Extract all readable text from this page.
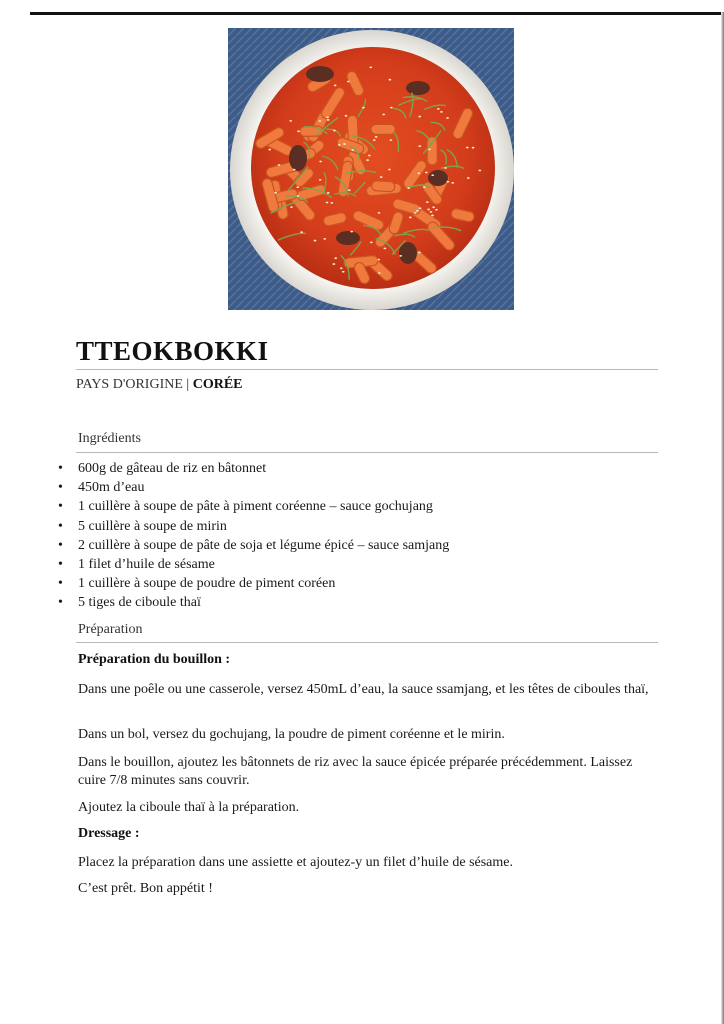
TTEOKBOKKI
PAYS D'ORIGINE | CORÉE
Ingrédients
• 600g de gâteau de riz en bâtonnet
• 450m d’eau
• 1 cuillère à soupe de pâte à piment coréenne – sauce gochujang
• 5 cuillère à soupe de mirin
• 2 cuillère à soupe de pâte de soja et légume épicé – sauce samjang
• 1 filet d’huile de sésame
• 1 cuillère à soupe de poudre de piment coréen
• 5 tiges de ciboule thaï
Préparation
Préparation du bouillon :
Dans une poêle ou une casserole, versez 450mL d’eau, la sauce ssamjang, et les têtes de ciboules thaï,
Dans un bol, versez du gochujang, la poudre de piment coréenne et le mirin.
Dans le bouillon, ajoutez les bâtonnets de riz avec la sauce épicée préparée précédemment. Laissez cuire 7/8 minutes sans couvrir.
Ajoutez la ciboule thaï à la préparation.
Dressage :
Placez la préparation dans une assiette et ajoutez-y un filet d’huile de sésame.
C’est prêt. Bon appétit !
